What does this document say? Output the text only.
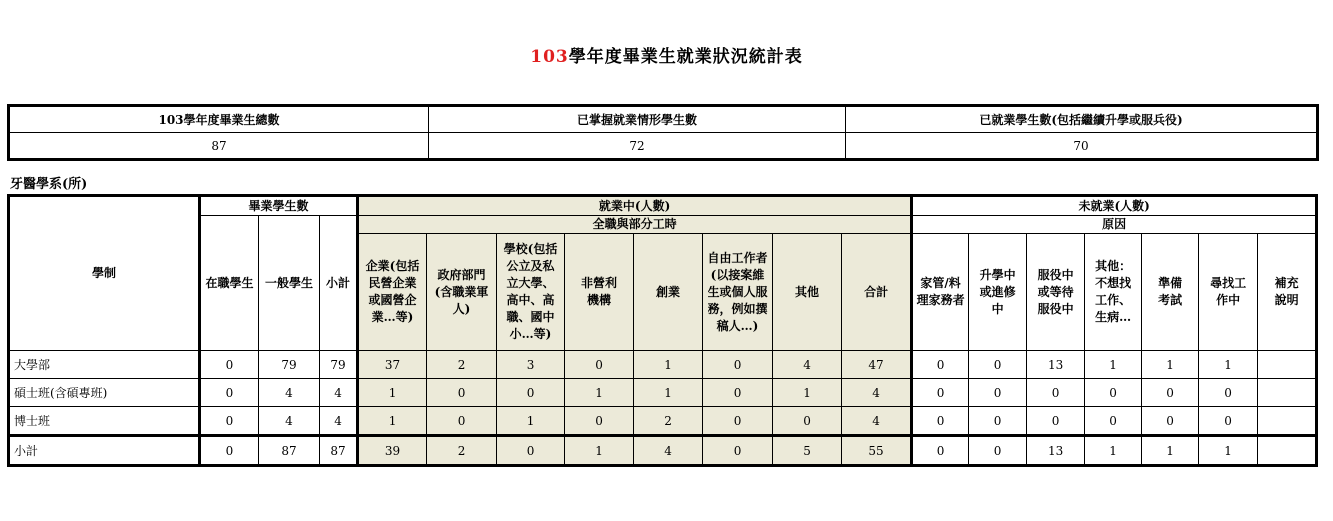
103學年度畢業生就業狀況統計表
103學年度畢業生總數	已掌握就業情形學生數	已就業學生數(包括繼續升學或服兵役)
87	72	70
牙醫學系(所)
學制	畢業學生數			就業中(人數)								未就業(人數)						
	在職學生	一般學生	小計	全職與部分工時								原因						

				企業(包括民營企業或國營企業…等)	政府部門(含職業軍人)	學校(包括公立及私立大學、高中、高職、國中小…等)	非營利機構	創業	自由工作者(以接案維生或個人服務，例如撰稿人…)	其他	合計	家管/料理家務者	升學中或進修中	服役中或等待服役中	其他：不想找工作、生病…	準備考試	尋找工作中	補充說明

大學部	0	79	79	37	2	3	0	1	0	4	47	0	0	13	1	1	1	
碩士班(含碩專班)	0	4	4	1	0	0	1	1	0	1	4	0	0	0	0	0	0	
博士班	0	4	4	1	0	1	0	2	0	0	4	0	0	0	0	0	0	
小計	0	87	87	39	2	0	1	4	0	5	55	0	0	13	1	1	1	
